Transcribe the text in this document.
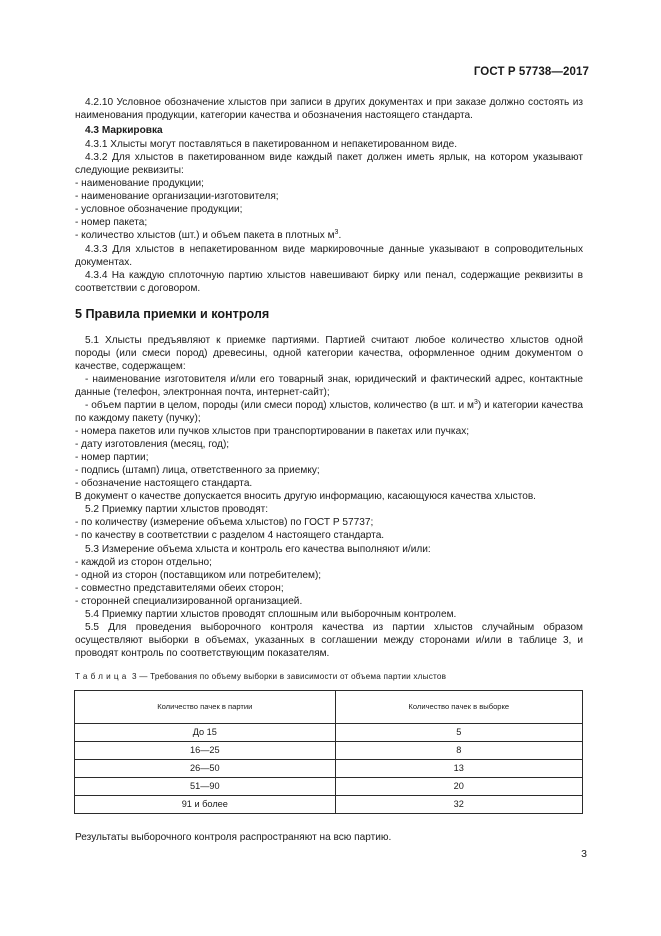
ГОСТ Р 57738—2017

4.2.10 Условное обозначение хлыстов при записи в других документах и при заказе должно состоять из наименования продукции, категории качества и обозначения настоящего стандарта.

4.3 Маркировка

4.3.1 Хлысты могут поставляться в пакетированном и непакетированном виде.

4.3.2 Для хлыстов в пакетированном виде каждый пакет должен иметь ярлык, на котором указывают следующие реквизиты:

- наименование продукции;

- наименование организации-изготовителя;

- условное обозначение продукции;

- номер пакета;

- количество хлыстов (шт.) и объем пакета в плотных $м^3$.

4.3.3 Для хлыстов в непакетированном виде маркировочные данные указывают в сопроводительных документах.

4.3.4 На каждую сплоточную партию хлыстов навешивают бирку или пенал, содержащие реквизиты в соответствии с договором.

5 Правила приемки и контроля

5.1 Хлысты предъявляют к приемке партиями. Партией считают любое количество хлыстов одной породы (или смеси пород) древесины, одной категории качества, оформленное одним документом о качестве, содержащем:

- наименование изготовителя и/или его товарный знак, юридический и фактический адрес, контактные данные (телефон, электронная почта, интернет-сайт);

- объем партии в целом, породы (или смеси пород) хлыстов, количество (в шт. и $м^3$) и категории качества по каждому пакету (пучку);

- номера пакетов или пучков хлыстов при транспортировании в пакетах или пучках;

- дату изготовления (месяц, год);

- номер партии;

- подпись (штамп) лица, ответственного за приемку;

- обозначение настоящего стандарта.

В документ о качестве допускается вносить другую информацию, касающуюся качества хлыстов.

5.2 Приемку партии хлыстов проводят:

- по количеству (измерение объема хлыстов) по ГОСТ Р 57737;

- по качеству в соответствии с разделом 4 настоящего стандарта.

5.3 Измерение объема хлыста и контроль его качества выполняют и/или:

- каждой из сторон отдельно;

- одной из сторон (поставщиком или потребителем);

- совместно представителями обеих сторон;

- сторонней специализированной организацией.

5.4 Приемку партии хлыстов проводят сплошным или выборочным контролем.

5.5 Для проведения выборочного контроля качества из партии хлыстов случайным образом осуществляют выборки в объемах, указанных в соглашении между сторонами и/или в таблице 3, и проводят контроль по соответствующим показателям.

Таблица 3 — Требования по объему выборки в зависимости от объема партии хлыстов

Количество пачек в партии	Количество пачек в выборке
До 15	5
16—25	8
26—50	13
51—90	20
91 и более	32

Результаты выборочного контроля распространяют на всю партию.

3
